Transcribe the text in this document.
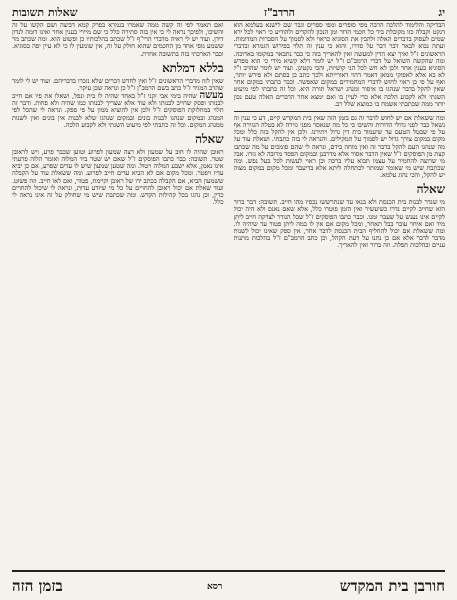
יג
הרדב"ז
שאלות תשובות

הבדיקה והלימוד להלכה הרבה מפי סופרים ומפי ספרים וגבר שם לישנא בעלמא הוא דנקט וקבלה כזו מקובלת ביד כל חכמי הדור ומן הנכון להקדים ולהודיע כי ראוי לכל ירא שמים לעסוק בדברים האלה ולהבין את הסוגיא כראוי ולא לסמוך על הסברות המדומות. ועתה נבוא לבאר דבר דבר על סדרו, והוא כי ענין זה תלוי בפירוש הגמרא ובדברי הראשונים ז"ל ואיך יצא הדין למעשה ואין להאריך בזה כי כבר נתבאר במקומו בארוכה. ומה שהקשה השואל על דברי הרמב"ם ז"ל יש לומר דלא קשיא מידי כי הוא מפרש הסוגיא בענין אחר ולכן לא חש לכל הני קושיות, והכי נקטינן. ועוד יש לומר שהרב ז"ל לא בא אלא לאפוקי ממאן דאמר דהוי דאורייתא ולכך כתב כן בסתם ולא פירש יותר, ואף על פי כן ראוי לחוש לדברי המחמירים במקום שאפשר. וכבר כתבתי במקום אחר שאין להקל בדבר שנהגו בו איסור ומנהג ישראל תורה היא. וכל זה כתבתי לפי מיעוט השגתי ולא לקבוע הלכה אלא כדי לעיין בו ואם ימצא אחר הדברים האלה טעם נכון יותר ממה שכתבתי אשמח בו כמוצא שלל רב.

ומה ששאלת אם יש לחוש לדבר זה גם בזמן הזה שאין בית המקדש קיים, דע כי ענין זה נשאל כבר לפני גדולי הדורות והשיבו כי כל מה שנאסר מפני גזירה לא בטלה הגזירה אף על פי שבטל הטעם עד שיעמוד בית דין גדול ויתירנו. ולכן אין להקל בזה כלל ומכל מקום במקום צורך גדול יש לסמוך על המקילים. והנראה לי בזה כתבתי. ושאלת עוד על מה שנהגו העם להקל בדבר זה ואין מוחה בידם, ונראה לי שהם סומכים על מה שכתבו קצת מן הפוסקים ז"ל שאין הדבר אסור אלא מדרבנן ובמקום הפסד מרובה לא גזרו. אבל מי שרוצה להחמיר על עצמו תבוא עליו ברכה וכן ראוי לעשות לכל בעל נפש. ומה שכתבת שיש מי שאומר שמותר לכתחלה ליתא אלא בדיעבד ומכל מקום במקום מצוה יש להקל, והכי נהוג עלמא.

שאלה

מי שנדר לבנות בית הכנסת ולא בנאו עד שנתרששו נכסיו מהו חייב. תשובה: דבר ברור הוא שחייב לקיים נדרו כשיעשיר ואין הזמן פוטרו כלל, אלא שאם נאנס ולא היה יכול לקיים אינו נענש על שעבר זמנו. וכבר כתבו הפוסקים ז"ל שכל הנודר לצדקה חייב ליתן מיד ואם איחר עובר בבל תאחר, ומכל מקום אם אין לו במה ליתן פטור עד שיהיה לו. ומה ששאלת אם יכול להחליף הבית הכנסת לדבר אחר, אין ספק שאינו יכול לשנות מדבר לדבר אלא אם כן נתנו על דעת הקהל, וכן כתב הרמב"ם ז"ל בהלכות מתנות עניים ובהלכות תפלה. וזה ברור ואין להאריך.

ואם תאמר לפי זה קשה ממה שאמרו בגמרא בפרק קמא דביצה ושם הקשו על זה והשיבו, ולפיכך נראה לי כי אין בזה סתירה כלל כי שם מיירי בענין אחר ואינו דומה לנדון דידן. ועוד יש לי ראיה מדברי הרי"ף ז"ל שכתב בהלכותיו כן ופשוט הוא. ומה שכתב מר ששמע מפי אחד מן החכמים שהוא חולק על זה, אין שומעין לו כי לא עיין יפה בסוגיא. וכבר הארכתי בזה בתשובה אחרת.

בללא דמלתא

שאין לזוז מדברי הראשונים ז"ל ואין לחדש דברים שלא נזכרו בדבריהם. ועוד יש לי לומר שהרב המגיד ז"ל כתב בשם הרמב"ן ז"ל כן ונראה שכן עיקר.

מעשה שהיה בימי אבי זקני ז"ל באחד שהיה לו בית ונפל, ושאלו את פיו אם חייב לבנותו ופסק שחייב לבנותו ולא עוד אלא שצריך לבנותו כמו שהיה ולא פחות. ודבר זה תלוי במחלוקת הפוסקים ז"ל ולכן אין להוציא ממון על פי ספק. ונראה לי שהכל לפי המנהג ובמקום שנהגו לבנות בונים ובמקום שנהגו שלא לבנות אין בונים ואין לשנות ממנהג המקום. וכל זה כתבתי לפי מיעוט השגתי ולא לקבוע הלכה.

שאלה

ראובן שהיה לו חוב על שמעון ולא רצה שמעון לפרוע וטוען שכבר פרע, ויש לראובן שטר. תשובה: כבר כתבו הפוסקים ז"ל שאם יש שטר ביד המלוה ואומר הלוה פרעתי אינו נאמן, אלא ישבע המלוה ויטול. ומה שטען שמעון שיש לו עדים שפרע, אם כן יביא עדיו ויפטר. ומכל מקום אם לא הביא עדים חייב לפרוע. ומה ששאלת עוד על הקבלה ששמעון הביא, אם הקבלה בכתב ידו של ראובן וקיימת, פטור, ואם לאו חייב. וזה פשוט. ועוד שאלת אם יכול ראובן להחרים על כל מי שיודע עדות, ונראה לי שיכול להחרים כדין, וכן נהגו בכל קהילות הקדש. ומה שכתבת שיש מי שחולק על זה אינו נראה לי כלל.

חורבן בית המקדש
רסא
בזמן הזה
